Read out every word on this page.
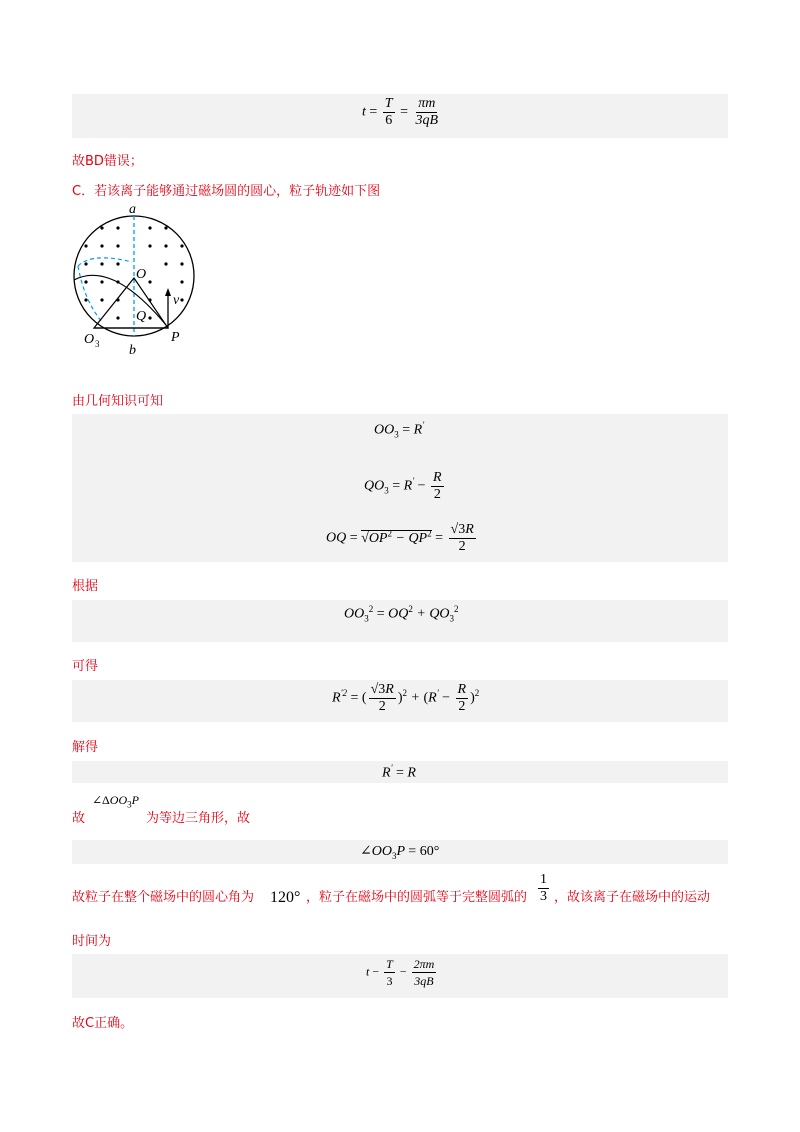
$t = \frac{T}{6} = \frac{\pi m}{3qB}$
故BD错误；
C．若该离子能够通过磁场圆的圆心，粒子轨迹如下图
a
b
O
Q
P
O 3
v
由几何知识可知
$OO_3 = R'$
$QO_3 = R' - \frac{R}{2}$
OQ = $√OP^2 - QP^2 = \frac{√3R}{2}$
根据
$OO_3^2 = OQ^2 + QO_3^2$
可得
$R^{'2}$ = ( $\frac{√3R}{2} )^2 + (R' - \frac{R}{2} )^2$
解得
R' = R
故
$\angle\Delta OO_3P$
为等边三角形，故
$\angle OO_3P = 60^\circ$
故粒子在整个磁场中的圆心角为 120° ，粒子在磁场中的圆弧等于完整圆弧的 $\frac{1}{3}$ ，故该离子在磁场中的运动
时间为
$t - \frac{T}{3} - \frac{2\pi m}{3qB}$
故C正确。
